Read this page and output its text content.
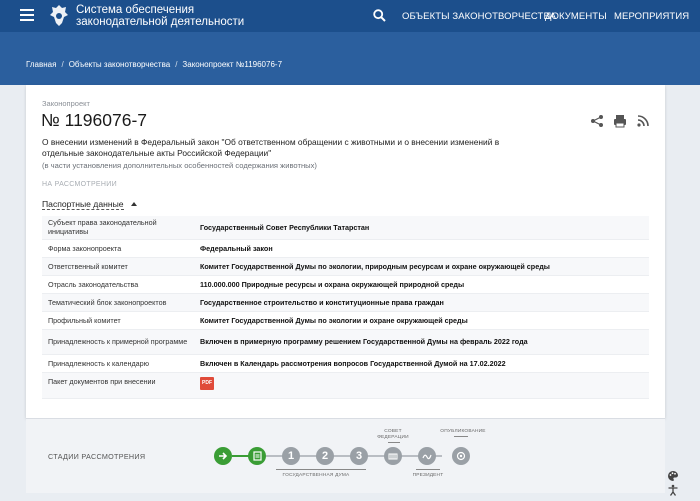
Система обеспечения
законодательной деятельности	ОБЪЕКТЫ ЗАКОНОТВОРЧЕСТВА
ДОКУМЕНТЫ МЕРОПРИЯТИЯ
Главная / Объекты законотворчества / Законопроект №1196076-7
Законопроект
№ 1196076-7
О внесении изменений в Федеральный закон "Об ответственном обращении с животными и о внесении изменений в отдельные законодательные акты Российской Федерации"
(в части установления дополнительных особенностей содержания животных)
НА РАССМОТРЕНИИ
Паспортные данные
Субъект права законодательной инициативы	Государственный Совет Республики Татарстан
Форма законопроекта	Федеральный закон
Ответственный комитет	Комитет Государственной Думы по экологии, природным ресурсам и охране окружающей среды
Отрасль законодательства	110.000.000 Природные ресурсы и охрана окружающей природной среды
Тематический блок законопроектов	Государственное строительство и конституционные права граждан
Профильный комитет	Комитет Государственной Думы по экологии и охране окружающей среды
Принадлежность к примерной программе	Включен в примерную программу решением Государственной Думы на февраль 2022 года
Принадлежность к календарю	Включен в Календарь рассмотрения вопросов Государственной Думой на 17.02.2022
Пакет документов при внесении	PDF
СТАДИИ РАССМОТРЕНИЯ	1	2	3
СОВЕТ ФЕДЕРАЦИИ
ОПУБЛИКОВАНИЕ
ГОСУДАРСТВЕННАЯ ДУМА	ПРЕЗИДЕНТ
